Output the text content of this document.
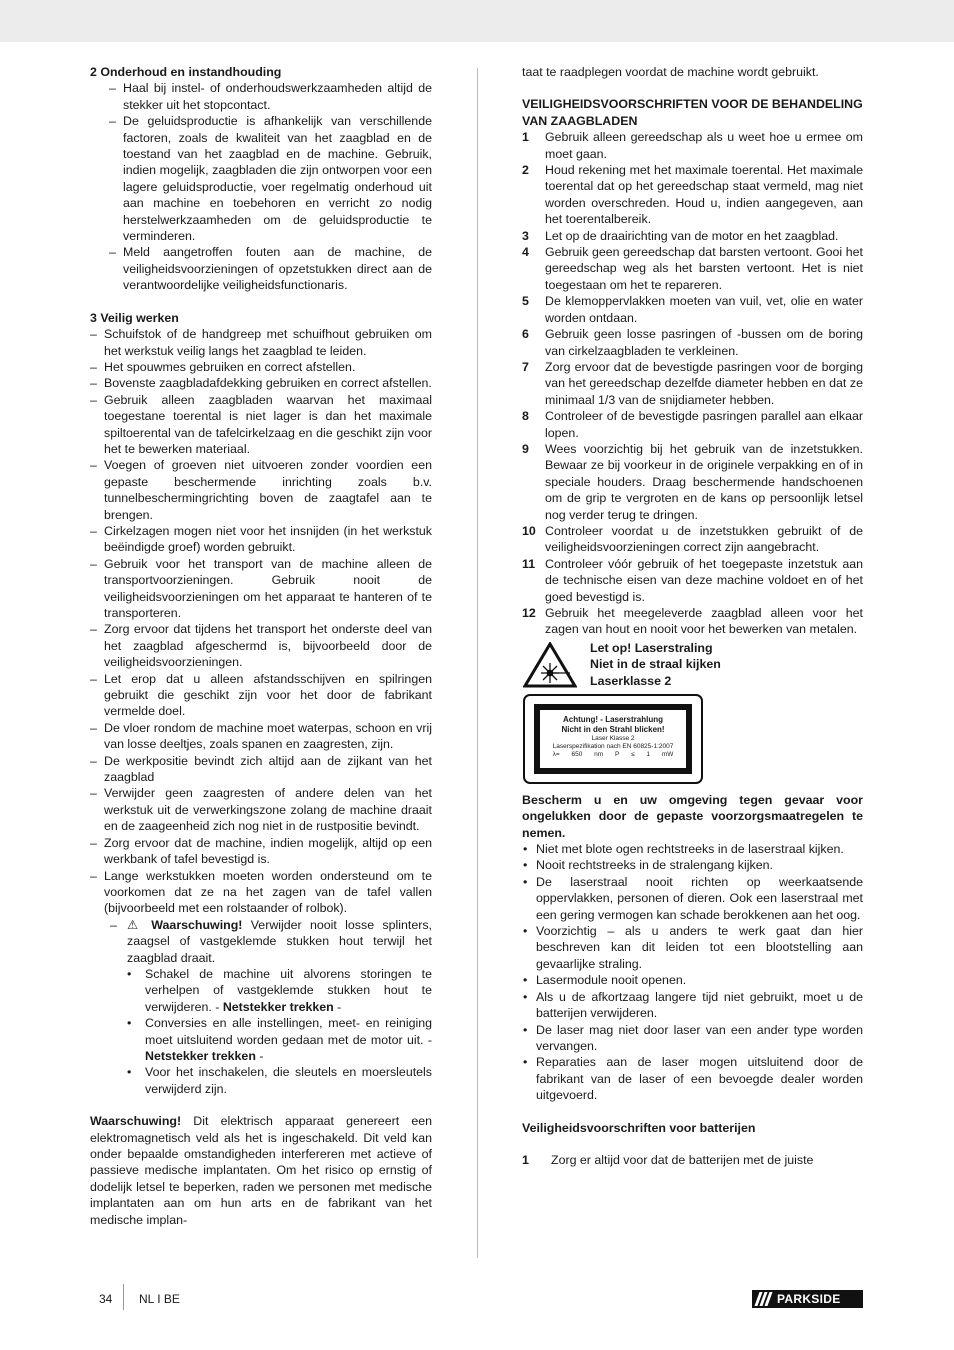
2 Onderhoud en instandhouding

– Haal bij instel- of onderhoudswerkzaamheden altijd de stekker uit het stopcontact.

– De geluidsproductie is afhankelijk van verschillende factoren, zoals de kwaliteit van het zaagblad en de toestand van het zaagblad en de machine. Gebruik, indien mogelijk, zaagbladen die zijn ontworpen voor een lagere geluidsproductie, voer regelmatig onderhoud uit aan machine en toebehoren en verricht zo nodig herstelwerkzaamheden om de geluidsproductie te verminderen.

– Meld aangetroffen fouten aan de machine, de veiligheidsvoorzieningen of opzetstukken direct aan de verantwoordelijke veiligheidsfunctionaris.

3 Veilig werken

– Schuifstok of de handgreep met schuifhout gebruiken om het werkstuk veilig langs het zaagblad te leiden.

– Het spouwmes gebruiken en correct afstellen.

– Bovenste zaagbladafdekking gebruiken en correct afstellen.

– Gebruik alleen zaagbladen waarvan het maximaal toegestane toerental is niet lager is dan het maximale spiltoerental van de tafelcirkelzaag en die geschikt zijn voor het te bewerken materiaal.

– Voegen of groeven niet uitvoeren zonder voordien een gepaste beschermende inrichting zoals b.v. tunnelbeschermingrichting boven de zaagtafel aan te brengen.

– Cirkelzagen mogen niet voor het insnijden (in het werkstuk beëindigde groef) worden gebruikt.

– Gebruik voor het transport van de machine alleen de transportvoorzieningen. Gebruik nooit de veiligheidsvoorzieningen om het apparaat te hanteren of te transporteren.

– Zorg ervoor dat tijdens het transport het onderste deel van het zaagblad afgeschermd is, bijvoorbeeld door de veiligheidsvoorzieningen.

– Let erop dat u alleen afstandsschijven en spilringen gebruikt die geschikt zijn voor het door de fabrikant vermelde doel.

– De vloer rondom de machine moet waterpas, schoon en vrij van losse deeltjes, zoals spanen en zaagresten, zijn.

– De werkpositie bevindt zich altijd aan de zijkant van het zaagblad

– Verwijder geen zaagresten of andere delen van het werkstuk uit de verwerkingszone zolang de machine draait en de zaageenheid zich nog niet in de rustpositie bevindt.

– Zorg ervoor dat de machine, indien mogelijk, altijd op een werkbank of tafel bevestigd is.

– Lange werkstukken moeten worden ondersteund om te voorkomen dat ze na het zagen van de tafel vallen (bijvoorbeeld met een rolstaander of rolbok).

– ⚠ Waarschuwing! Verwijder nooit losse splinters, zaagsel of vastgeklemde stukken hout terwijl het zaagblad draait.

• Schakel de machine uit alvorens storingen te verhelpen of vastgeklemde stukken hout te verwijderen. - Netstekker trekken -

• Conversies en alle instellingen, meet- en reiniging moet uitsluitend worden gedaan met de motor uit. - Netstekker trekken -

• Voor het inschakelen, die sleutels en moersleutels verwijderd zijn.

Waarschuwing! Dit elektrisch apparaat genereert een elektromagnetisch veld als het is ingeschakeld. Dit veld kan onder bepaalde omstandigheden interfereren met actieve of passieve medische implantaten. Om het risico op ernstig of dodelijk letsel te beperken, raden we personen met medische implantaten aan om hun arts en de fabrikant van het medische implan-

taat te raadplegen voordat de machine wordt gebruikt.

VEILIGHEIDSVOORSCHRIFTEN VOOR DE BEHANDELING VAN ZAAGBLADEN

1 Gebruik alleen gereedschap als u weet hoe u ermee om moet gaan.

2 Houd rekening met het maximale toerental. Het maximale toerental dat op het gereedschap staat vermeld, mag niet worden overschreden. Houd u, indien aangegeven, aan het toerentalbereik.

3 Let op de draairichting van de motor en het zaagblad.

4 Gebruik geen gereedschap dat barsten vertoont. Gooi het gereedschap weg als het barsten vertoont. Het is niet toegestaan om het te repareren.

5 De klemoppervlakken moeten van vuil, vet, olie en water worden ontdaan.

6 Gebruik geen losse pasringen of -bussen om de boring van cirkelzaagbladen te verkleinen.

7 Zorg ervoor dat de bevestigde pasringen voor de borging van het gereedschap dezelfde diameter hebben en dat ze minimaal 1/3 van de snijdiameter hebben.

8 Controleer of de bevestigde pasringen parallel aan elkaar lopen.

9 Wees voorzichtig bij het gebruik van de inzetstukken. Bewaar ze bij voorkeur in de originele verpakking en of in speciale houders. Draag beschermende handschoenen om de grip te vergroten en de kans op persoonlijk letsel nog verder terug te dringen.

10 Controleer voordat u de inzetstukken gebruikt of de veiligheidsvoorzieningen correct zijn aangebracht.

11 Controleer vóór gebruik of het toegepaste inzetstuk aan de technische eisen van deze machine voldoet en of het goed bevestigd is.

12 Gebruik het meegeleverde zaagblad alleen voor het zagen van hout en nooit voor het bewerken van metalen.

Let op! Laserstraling

Niet in de straal kijken

Laserklasse 2

Achtung! - Laserstrahlung
Nicht in den Strahl blicken!
Laser Klasse 2
Laserspezifikation nach EN 60825-1:2007
λ= 650 nm P ≤ 1 mW

Bescherm u en uw omgeving tegen gevaar voor ongelukken door de gepaste voorzorgsmaatregelen te nemen.

• Niet met blote ogen rechtstreeks in de laserstraal kijken.

• Nooit rechtstreeks in de stralengang kijken.

• De laserstraal nooit richten op weerkaatsende oppervlakken, personen of dieren. Ook een laserstraal met een gering vermogen kan schade berokkenen aan het oog.

• Voorzichtig – als u anders te werk gaat dan hier beschreven kan dit leiden tot een blootstelling aan gevaarlijke straling.

• Lasermodule nooit openen.

• Als u de afkortzaag langere tijd niet gebruikt, moet u de batterijen verwijderen.

• De laser mag niet door laser van een ander type worden vervangen.

• Reparaties aan de laser mogen uitsluitend door de fabrikant van de laser of een bevoegde dealer worden uitgevoerd.

Veiligheidsvoorschriften voor batterijen

1 Zorg er altijd voor dat de batterijen met de juiste

34 NL I BE	PARKSIDE
